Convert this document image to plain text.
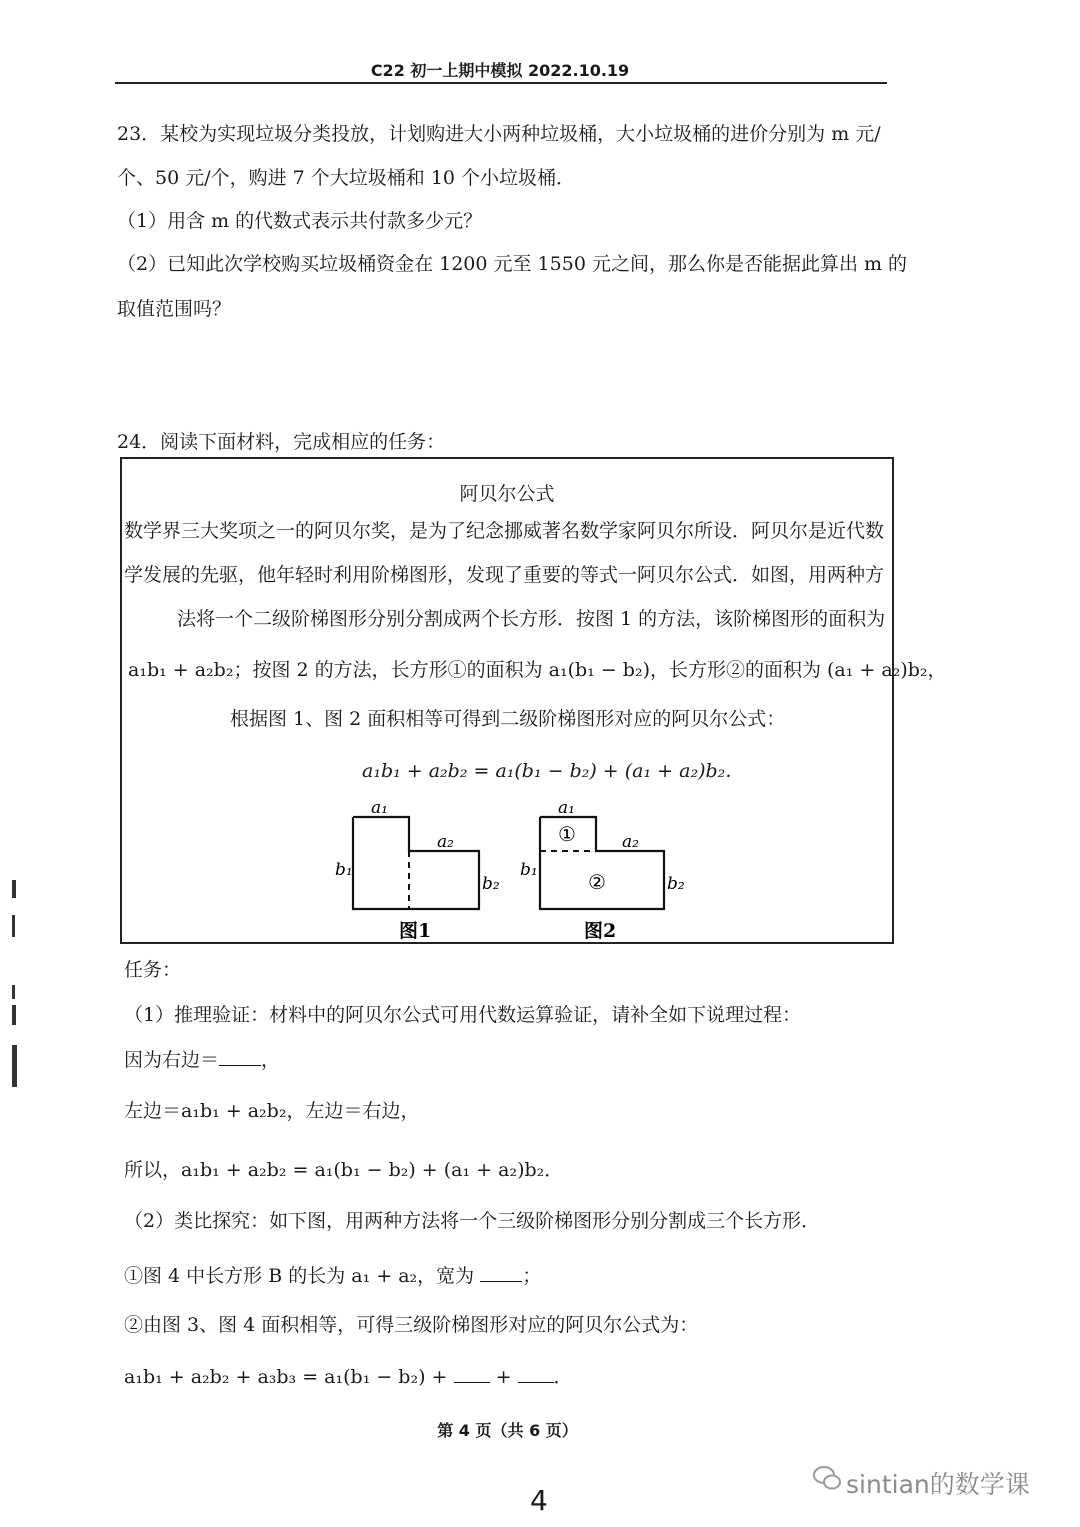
C22 初一上期中模拟 2022.10.19
23．某校为实现垃圾分类投放，计划购进大小两种垃圾桶，大小垃圾桶的进价分别为 m 元/
个、50 元/个，购进 7 个大垃圾桶和 10 个小垃圾桶．
（1）用含 m 的代数式表示共付款多少元？
（2）已知此次学校购买垃圾桶资金在 1200 元至 1550 元之间，那么你是否能据此算出 m 的
取值范围吗？
24．阅读下面材料，完成相应的任务：
阿贝尔公式
数学界三大奖项之一的阿贝尔奖，是为了纪念挪威著名数学家阿贝尔所设．阿贝尔是近代数
学发展的先驱，他年轻时利用阶梯图形，发现了重要的等式一阿贝尔公式．如图，用两种方
法将一个二级阶梯图形分别分割成两个长方形．按图 1 的方法，该阶梯图形的面积为
a₁b₁ + a₂b₂；按图 2 的方法，长方形①的面积为 a₁(b₁ − b₂)，长方形②的面积为 (a₁ + a₂)b₂，
根据图 1、图 2 面积相等可得到二级阶梯图形对应的阿贝尔公式：
a₁b₁ + a₂b₂ = a₁(b₁ − b₂) + (a₁ + a₂)b₂．
a₁
a₂
b₁
b₂
图1
a₁
a₂
b₁
b₂
①
②
图2
任务：
（1）推理验证：材料中的阿贝尔公式可用代数运算验证，请补全如下说理过程：
因为右边＝ ，
左边＝a₁b₁ + a₂b₂，左边＝右边，
所以，a₁b₁ + a₂b₂ = a₁(b₁ − b₂) + (a₁ + a₂)b₂．
（2）类比探究：如下图，用两种方法将一个三级阶梯图形分别分割成三个长方形．
①图 4 中长方形 B 的长为 a₁ + a₂，宽为	；
②由图 3、图 4 面积相等，可得三级阶梯图形对应的阿贝尔公式为：
a₁b₁ + a₂b₂ + a₃b₃ = a₁(b₁ − b₂) +	+ ．
第 4 页（共 6 页）
sintian的数学课
4
